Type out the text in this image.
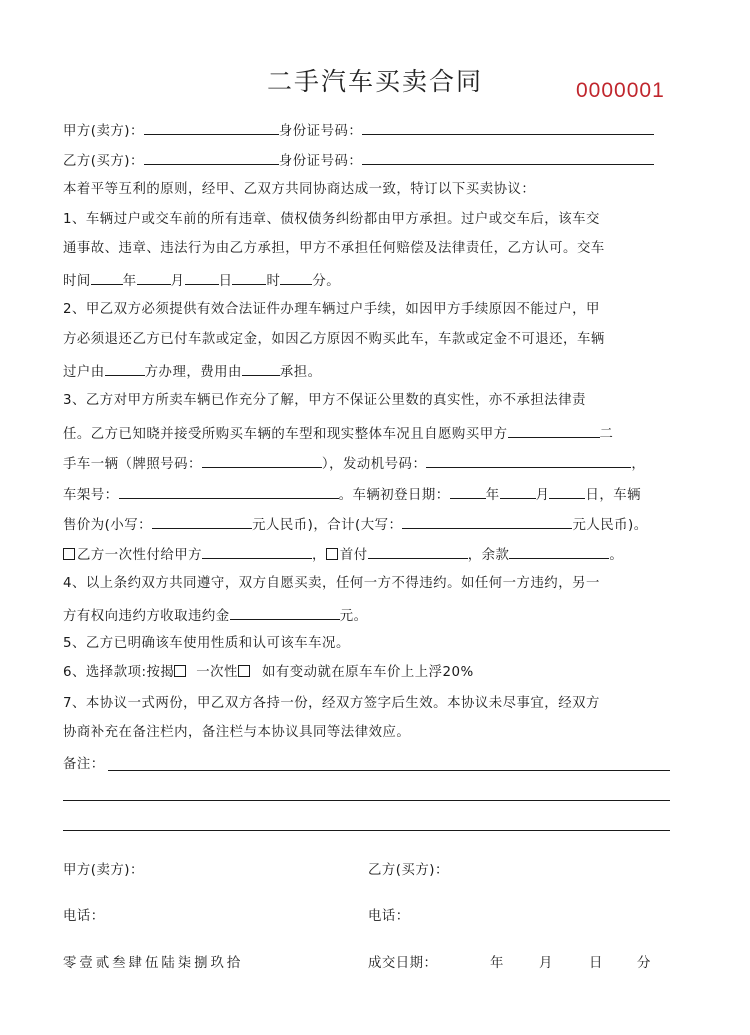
二手汽车买卖合同	0000001
甲方(卖方)：	身份证号码：
乙方(买方)：	身份证号码：
本着平等互利的原则，经甲、乙双方共同协商达成一致，特订以下买卖协议：
1、车辆过户或交车前的所有违章、债权债务纠纷都由甲方承担。过户或交车后，该车交
通事故、违章、违法行为由乙方承担，甲方不承担任何赔偿及法律责任，乙方认可。交车
时间 年	月	日	时 分。
2、甲乙双方必须提供有效合法证件办理车辆过户手续，如因甲方手续原因不能过户，甲
方必须退还乙方已付车款或定金，如因乙方原因不购买此车，车款或定金不可退还，车辆
过户由	方办理，费用由	承担。
3、乙方对甲方所卖车辆已作充分了解，甲方不保证公里数的真实性，亦不承担法律责
任。乙方已知晓并接受所购买车辆的车型和现实整体车况且自愿购买甲方	二
手车一辆（牌照号码：	），发动机号码：	，
车架号：	。车辆初登日期：	年	月	日，车辆
售价为(小写：	元人民币)，合计(大写：	元人民币)。
乙方一次性付给甲方	， 首付	，余款	。
4、以上条约双方共同遵守，双方自愿买卖，任何一方不得违约。如任何一方违约，另一
方有权向违约方收取违约金	元。
5、乙方已明确该车使用性质和认可该车车况。
6、选择款项:按揭 一次性 如有变动就在原车车价上上浮20%
7、本协议一式两份，甲乙双方各持一份，经双方签字后生效。本协议未尽事宜，经双方
协商补充在备注栏内，备注栏与本协议具同等法律效应。
备注：
甲方(卖方)：	乙方(买方)：
电话：	电话：
零壹贰叁肆伍陆柒捌玖拾	成交日期：	年	月	日	分
